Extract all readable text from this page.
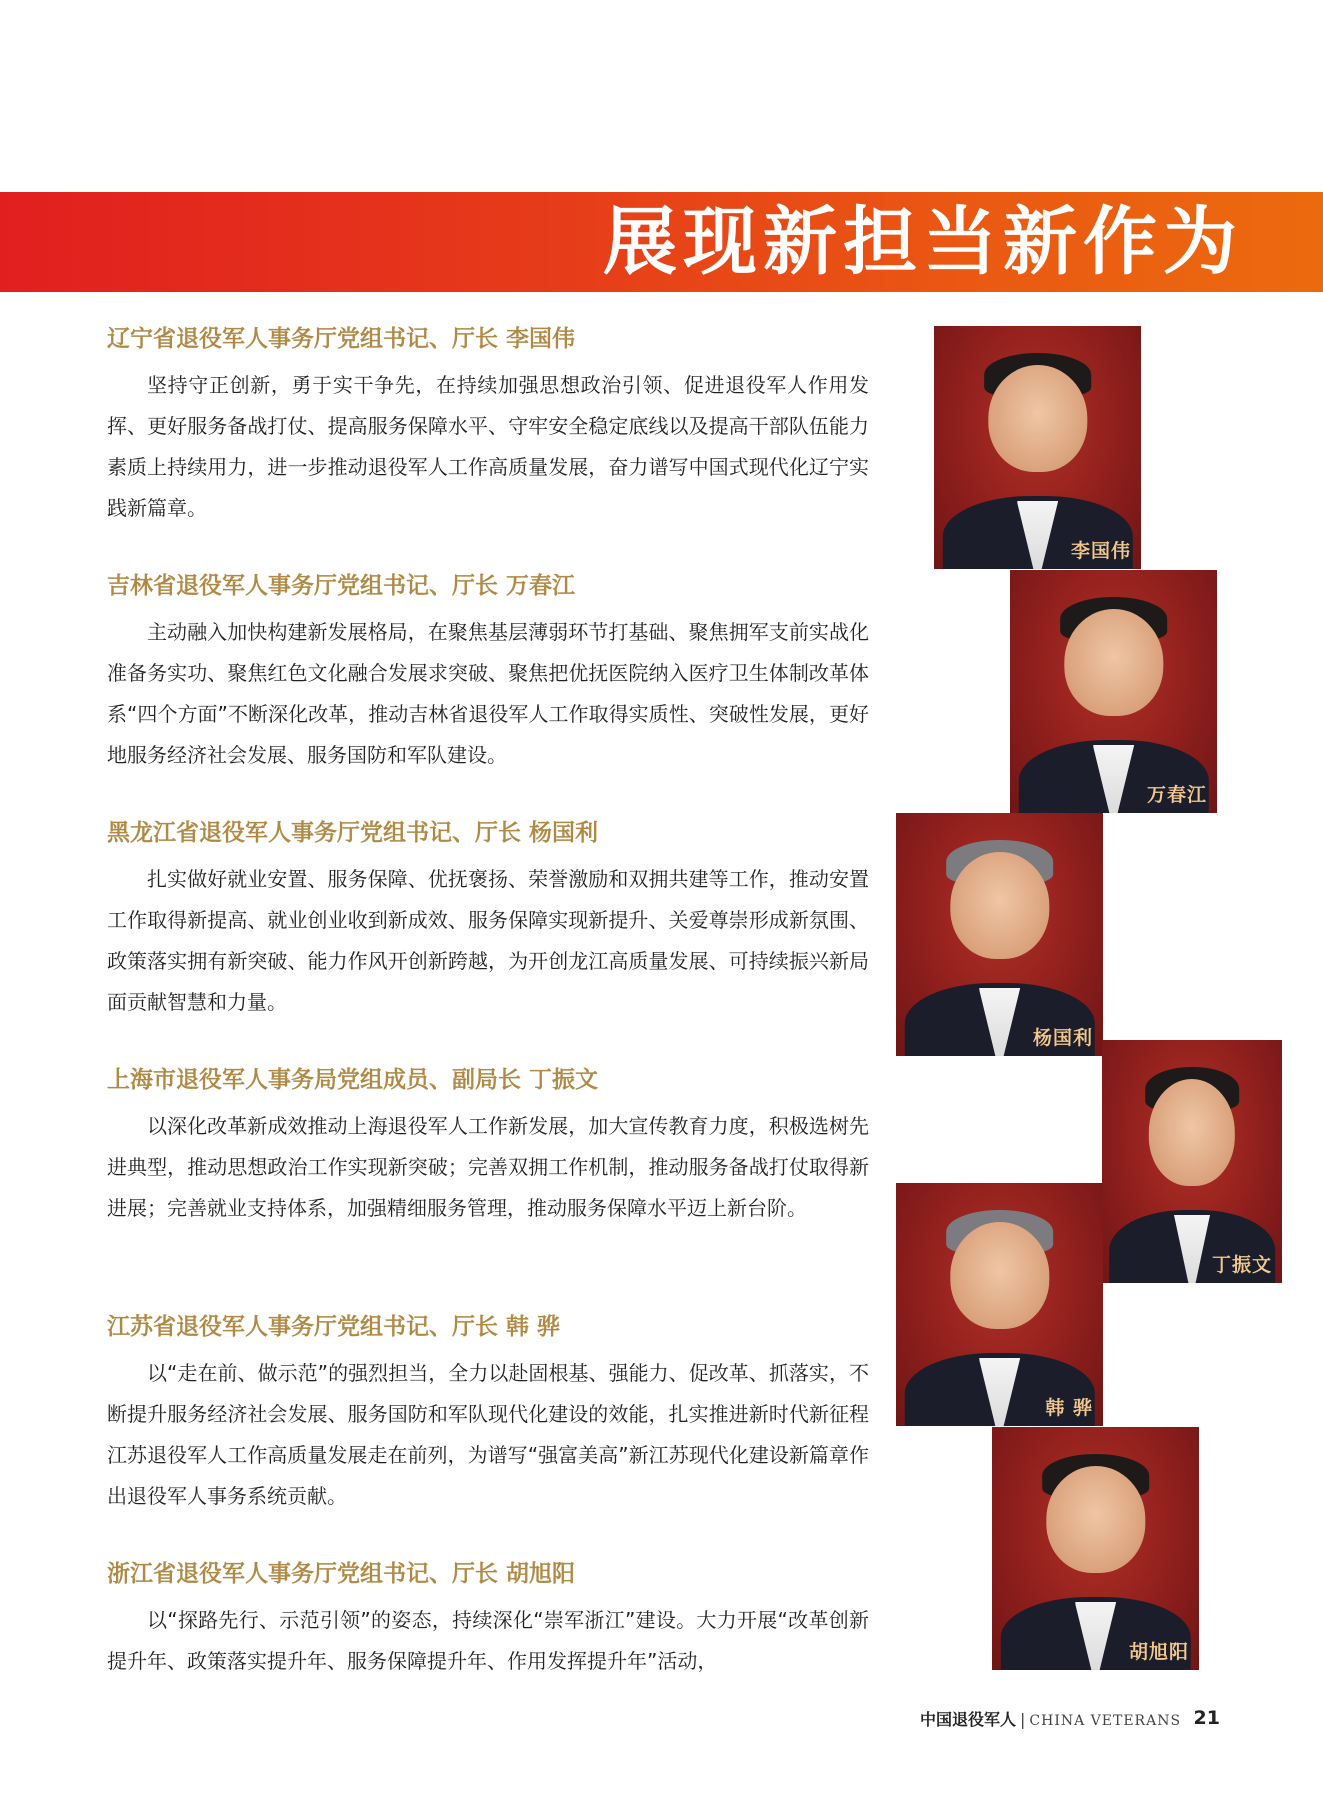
展现新担当新作为

辽宁省退役军人事务厅党组书记、厅长 李国伟

坚持守正创新，勇于实干争先，在持续加强思想政治引领、促进退役军人作用发挥、更好服务备战打仗、提高服务保障水平、守牢安全稳定底线以及提高干部队伍能力素质上持续用力，进一步推动退役军人工作高质量发展，奋力谱写中国式现代化辽宁实践新篇章。

吉林省退役军人事务厅党组书记、厅长 万春江

主动融入加快构建新发展格局，在聚焦基层薄弱环节打基础、聚焦拥军支前实战化准备务实功、聚焦红色文化融合发展求突破、聚焦把优抚医院纳入医疗卫生体制改革体系“四个方面”不断深化改革，推动吉林省退役军人工作取得实质性、突破性发展，更好地服务经济社会发展、服务国防和军队建设。

黑龙江省退役军人事务厅党组书记、厅长 杨国利

扎实做好就业安置、服务保障、优抚褒扬、荣誉激励和双拥共建等工作，推动安置工作取得新提高、就业创业收到新成效、服务保障实现新提升、关爱尊崇形成新氛围、政策落实拥有新突破、能力作风开创新跨越，为开创龙江高质量发展、可持续振兴新局面贡献智慧和力量。

上海市退役军人事务局党组成员、副局长 丁振文

以深化改革新成效推动上海退役军人工作新发展，加大宣传教育力度，积极选树先进典型，推动思想政治工作实现新突破；完善双拥工作机制，推动服务备战打仗取得新进展；完善就业支持体系，加强精细服务管理，推动服务保障水平迈上新台阶。

江苏省退役军人事务厅党组书记、厅长 韩 骅

以“走在前、做示范”的强烈担当，全力以赴固根基、强能力、促改革、抓落实，不断提升服务经济社会发展、服务国防和军队现代化建设的效能，扎实推进新时代新征程江苏退役军人工作高质量发展走在前列，为谱写“强富美高”新江苏现代化建设新篇章作出退役军人事务系统贡献。

浙江省退役军人事务厅党组书记、厅长 胡旭阳

以“探路先行、示范引领”的姿态，持续深化“崇军浙江”建设。大力开展“改革创新提升年、政策落实提升年、服务保障提升年、作用发挥提升年”活动，

李国伟
万春江
杨国利
丁振文
韩 骅
胡旭阳
中国退役军人 | CHINA VETERANS 21
